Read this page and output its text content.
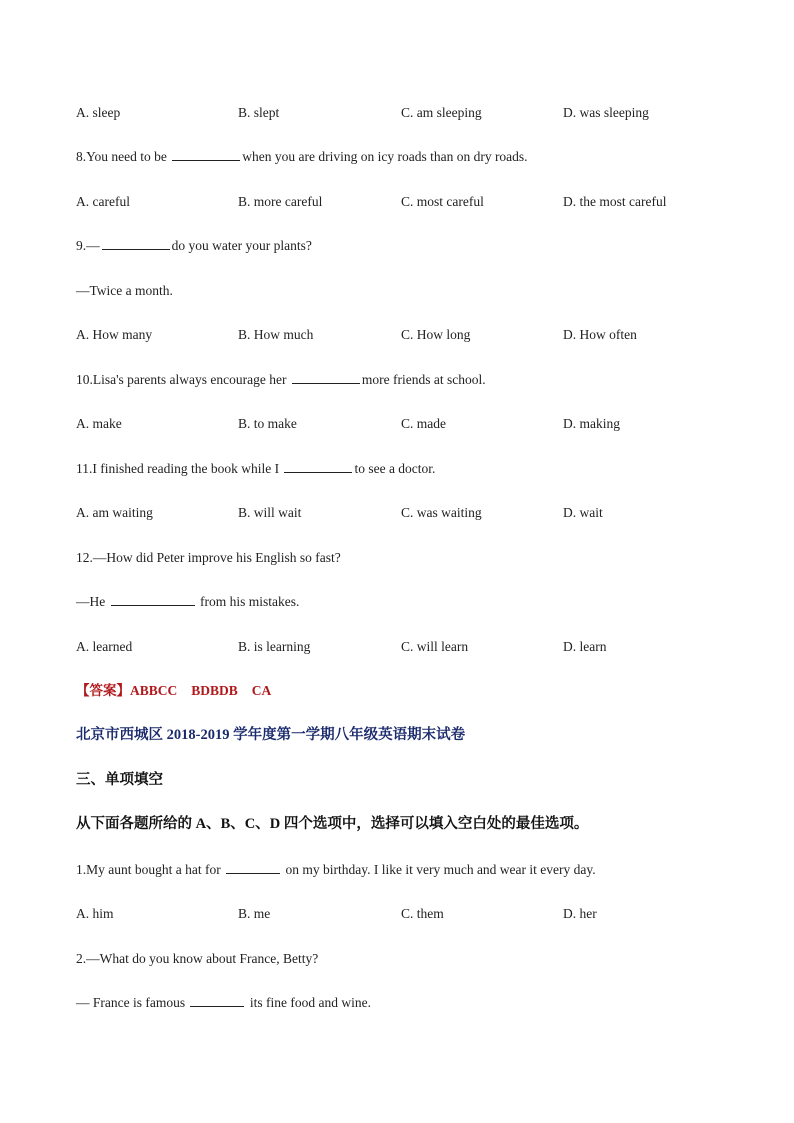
A. sleep	B. slept	C. am sleeping	D. was sleeping
8.You need to be	when you are driving on icy roads than on dry roads.
A. careful	B. more careful	C. most careful	D. the most careful
9.—	do you water your plants?
—Twice a month.
A. How many	B. How much	C. How long	D. How often
10.Lisa's parents always encourage her	more friends at school.
A. make	B. to make	C. made	D. making
11.I finished reading the book while I	to see a doctor.
A. am waiting	B. will wait	C. was waiting	D. wait
12.—How did Peter improve his English so fast?
—He	from his mistakes.
A. learned	B. is learning	C. will learn	D. learn
【答案】ABBCC BDBDB CA
北京市西城区 2018-2019 学年度第一学期八年级英语期末试卷
三、单项填空
从下面各题所给的 A、B、C、D 四个选项中，选择可以填入空白处的最佳选项。
1.My aunt bought a hat for	on my birthday. I like it very much and wear it every day.
A. him	B. me	C. them	D. her
2.—What do you know about France, Betty?
— France is famous	its fine food and wine.
